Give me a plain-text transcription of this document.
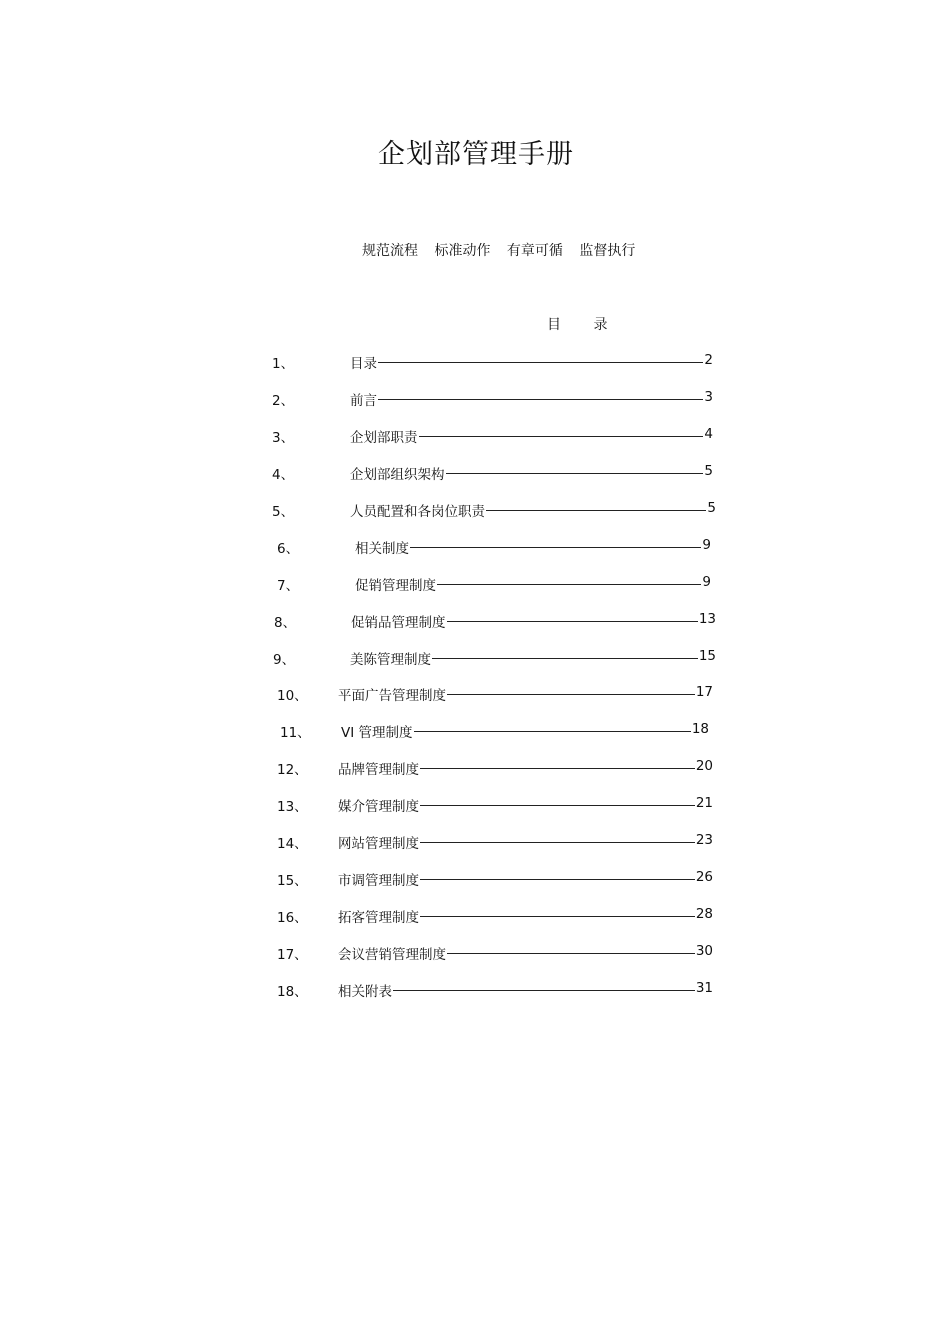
企划部管理手册
规范流程 标准动作 有章可循 监督执行
目 录
1、	目录	2
2、	前言	3
3、	企划部职责	4
4、	企划部组织架构	5
5、	人员配置和各岗位职责	5
6、	相关制度	9
7、	促销管理制度	9
8、	促销品管理制度	13
9、	美陈管理制度	15
10、 平面广告管理制度	17
11、 VI 管理制度	18
12、 品牌管理制度	20
13、 媒介管理制度	21
14、 网站管理制度	23
15、 市调管理制度	26
16、 拓客管理制度	28
17、 会议营销管理制度	30
18、 相关附表	31
